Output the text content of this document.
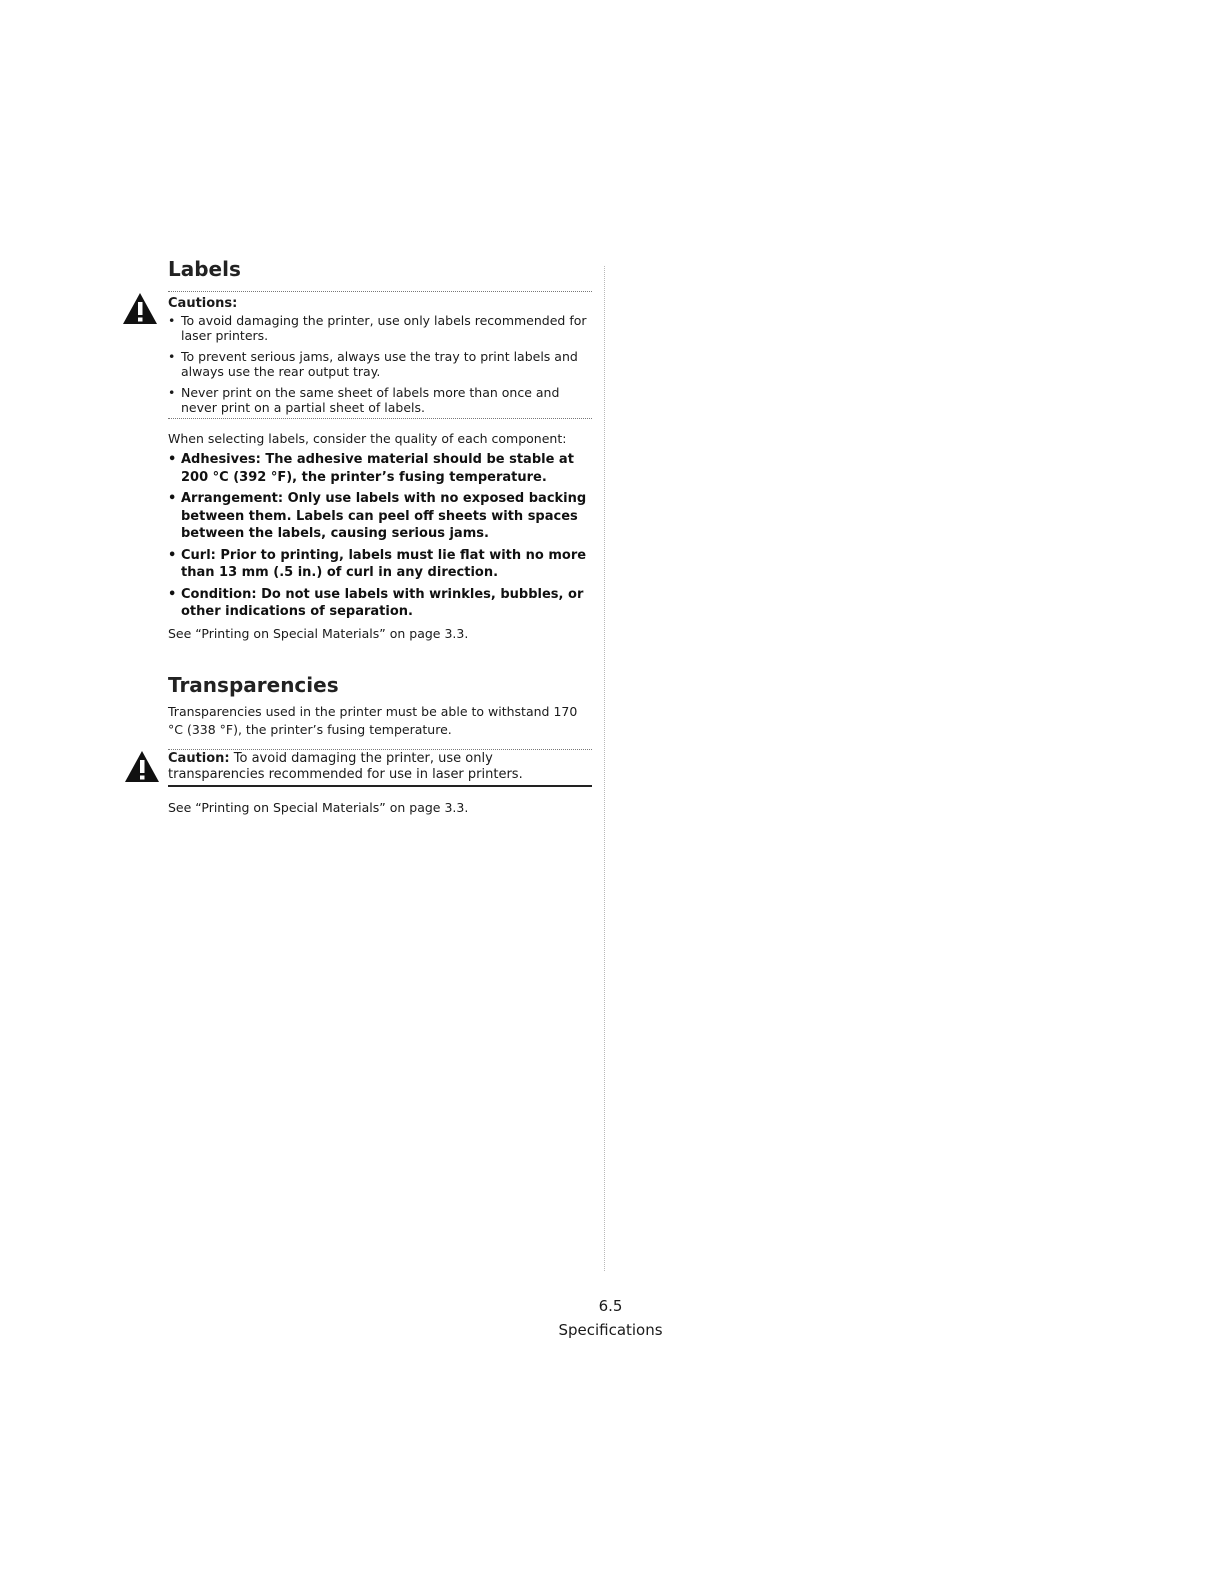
Labels
Cautions:
• To avoid damaging the printer, use only labels recommended for laser printers.
• To prevent serious jams, always use the tray to print labels and always use the rear output tray.
• Never print on the same sheet of labels more than once and never print on a partial sheet of labels.

When selecting labels, consider the quality of each component:

• Adhesives: The adhesive material should be stable at 200 °C (392 °F), the printer’s fusing temperature.
• Arrangement: Only use labels with no exposed backing between them. Labels can peel off sheets with spaces between the labels, causing serious jams.
• Curl: Prior to printing, labels must lie flat with no more than 13 mm (.5 in.) of curl in any direction.
• Condition: Do not use labels with wrinkles, bubbles, or other indications of separation.

See “Printing on Special Materials” on page 3.3.

Transparencies

Transparencies used in the printer must be able to withstand 170 °C (338 °F), the printer’s fusing temperature.

Caution: To avoid damaging the printer, use only transparencies recommended for use in laser printers.

See “Printing on Special Materials” on page 3.3.

6.5
Specifications
